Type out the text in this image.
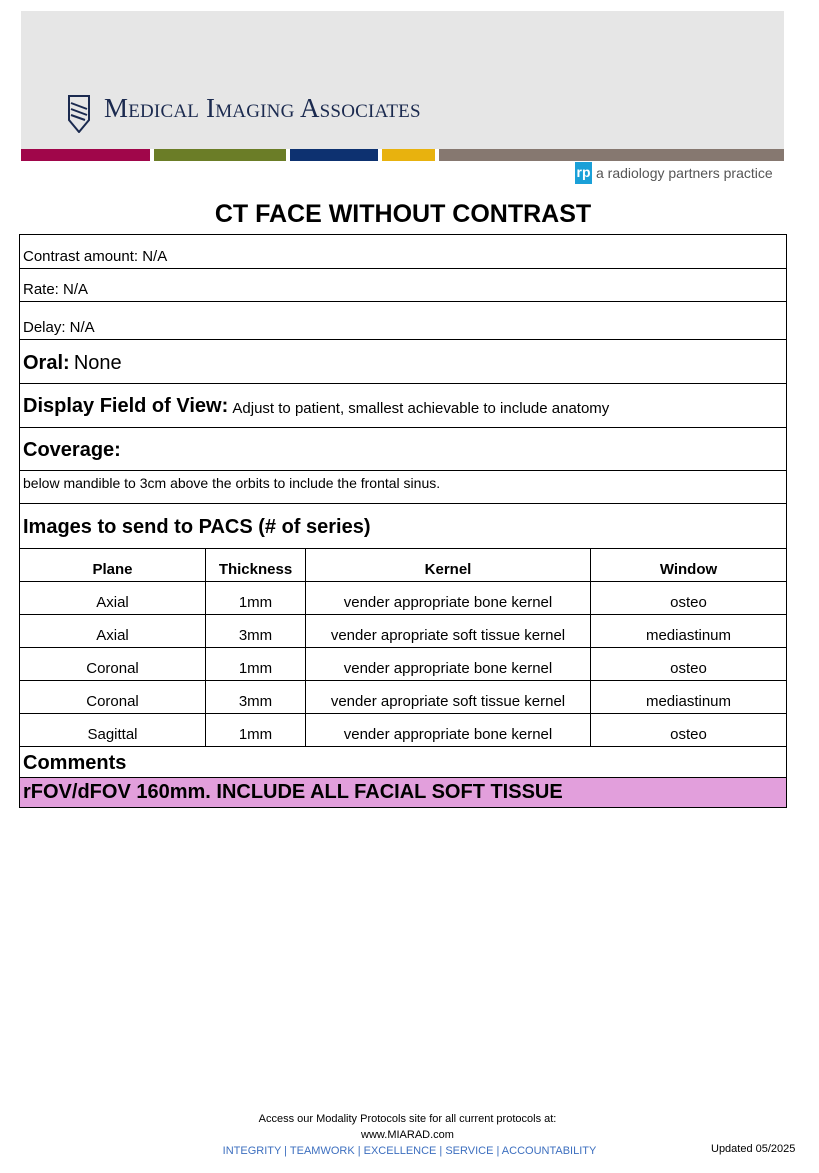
Medical Imaging Associates
rp a radiology partners practice
CT FACE WITHOUT CONTRAST
Contrast amount: N/A
Rate: N/A
Delay: N/A
Oral:
None
Display Field of View:
Adjust to patient, smallest achievable to include anatomy
Coverage:
below mandible to 3cm above the orbits to include the frontal sinus.
Images to send to PACS (# of series)
Plane	Thickness	Kernel	Window
Axial	1mm	vender appropriate bone kernel	osteo
Axial	3mm	vender apropriate soft tissue kernel	mediastinum
Coronal	1mm	vender appropriate bone kernel	osteo
Coronal	3mm	vender apropriate soft tissue kernel	mediastinum
Sagittal	1mm	vender appropriate bone kernel	osteo
Comments
rFOV/dFOV 160mm. INCLUDE ALL FACIAL SOFT TISSUE
Access our Modality Protocols site for all current protocols at:
www.MIARAD.com
INTEGRITY | TEAMWORK | EXCELLENCE | SERVICE | ACCOUNTABILITY	Updated 05/2025
